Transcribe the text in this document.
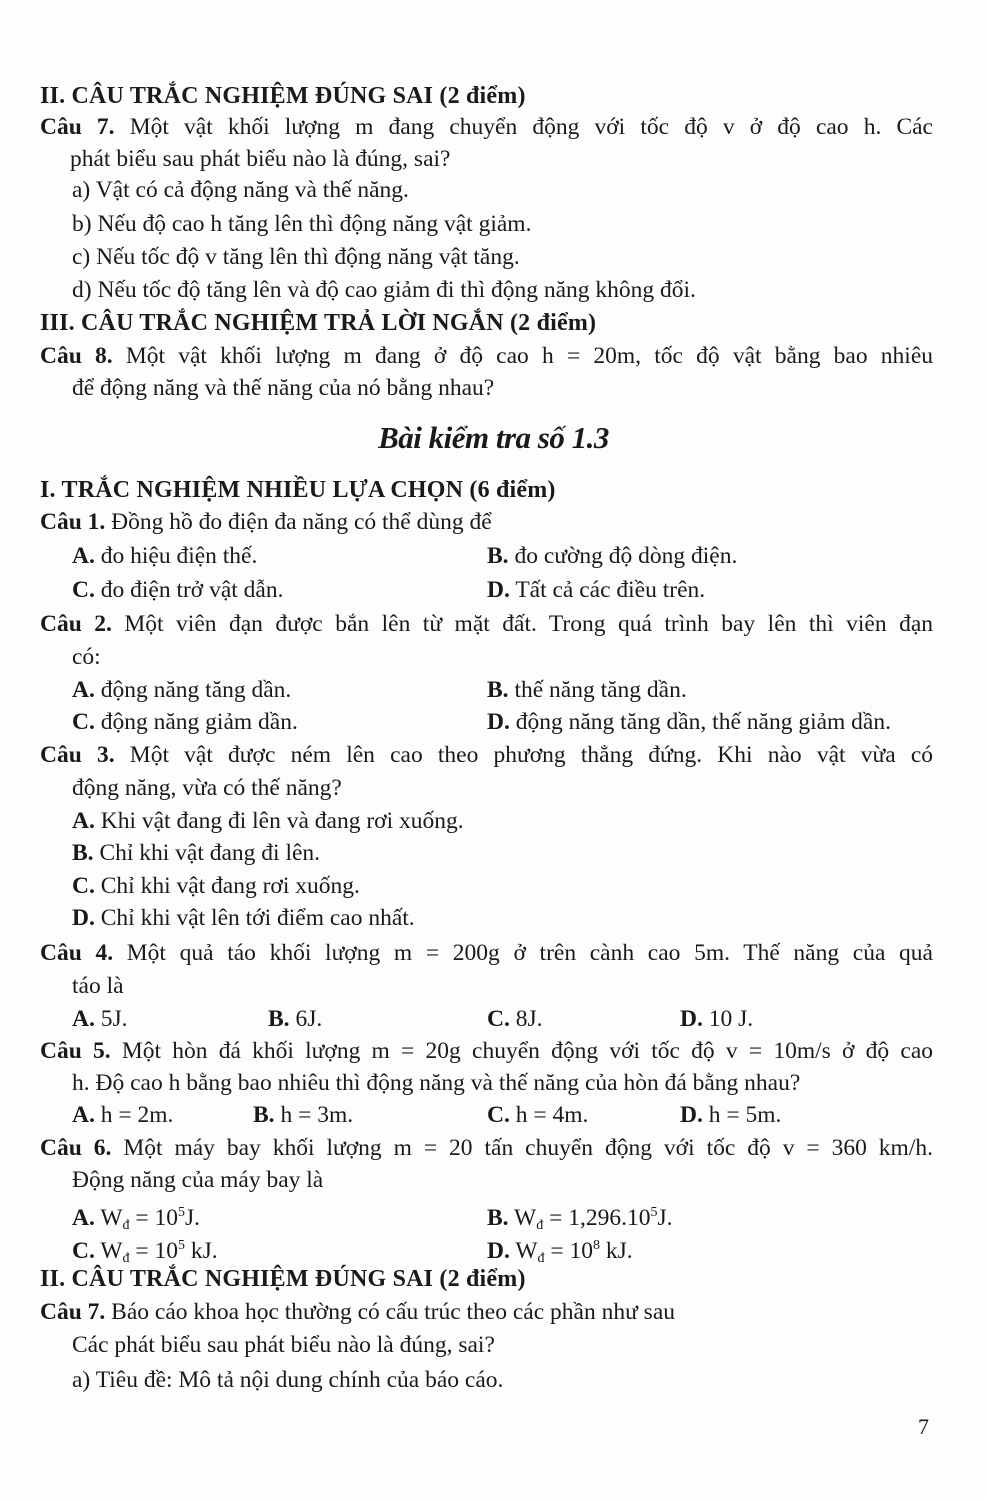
II. CÂU TRẮC NGHIỆM ĐÚNG SAI (2 điểm)
Câu 7. Một vật khối lượng m đang chuyển động với tốc độ v ở độ cao h. Các
phát biểu sau phát biểu nào là đúng, sai?
a) Vật có cả động năng và thế năng.
b) Nếu độ cao h tăng lên thì động năng vật giảm.
c) Nếu tốc độ v tăng lên thì động năng vật tăng.
d) Nếu tốc độ tăng lên và độ cao giảm đi thì động năng không đổi.
III. CÂU TRẮC NGHIỆM TRẢ LỜI NGẮN (2 điểm)
Câu 8. Một vật khối lượng m đang ở độ cao h = 20m, tốc độ vật bằng bao nhiêu
để động năng và thế năng của nó bằng nhau?
Bài kiểm tra số 1.3
I. TRẮC NGHIỆM NHIỀU LỰA CHỌN (6 điểm)
Câu 1. Đồng hồ đo điện đa năng có thể dùng để
A. đo hiệu điện thế.	B. đo cường độ dòng điện.
C. đo điện trở vật dẫn.	D. Tất cả các điều trên.
Câu 2. Một viên đạn được bắn lên từ mặt đất. Trong quá trình bay lên thì viên đạn
có:
A. động năng tăng dần.	B. thế năng tăng dần.
C. động năng giảm dần.	D. động năng tăng dần, thế năng giảm dần.
Câu 3. Một vật được ném lên cao theo phương thẳng đứng. Khi nào vật vừa có
động năng, vừa có thế năng?
A. Khi vật đang đi lên và đang rơi xuống.
B. Chỉ khi vật đang đi lên.
C. Chỉ khi vật đang rơi xuống.
D. Chỉ khi vật lên tới điểm cao nhất.
Câu 4. Một quả táo khối lượng m = 200g ở trên cành cao 5m. Thế năng của quả
táo là
A. 5J.	B. 6J.	C. 8J.	D. 10 J.
Câu 5. Một hòn đá khối lượng m = 20g chuyển động với tốc độ v = 10m/s ở độ cao
h. Độ cao h bằng bao nhiêu thì động năng và thế năng của hòn đá bằng nhau?
A. h = 2m.	B. h = 3m.	C. h = 4m.	D. h = 5m.
Câu 6. Một máy bay khối lượng m = 20 tấn chuyển động với tốc độ v = 360 km/h.
Động năng của máy bay là
A. $W_đ = 10^5J$.	B. $W_đ = 1,296.10^5J$.
C. $W_đ = 10^5$ kJ.	D. $W_đ = 10^8$ kJ.
II. CÂU TRẮC NGHIỆM ĐÚNG SAI (2 điểm)
Câu 7. Báo cáo khoa học thường có cấu trúc theo các phần như sau
Các phát biểu sau phát biểu nào là đúng, sai?
a) Tiêu đề: Mô tả nội dung chính của báo cáo.
7
